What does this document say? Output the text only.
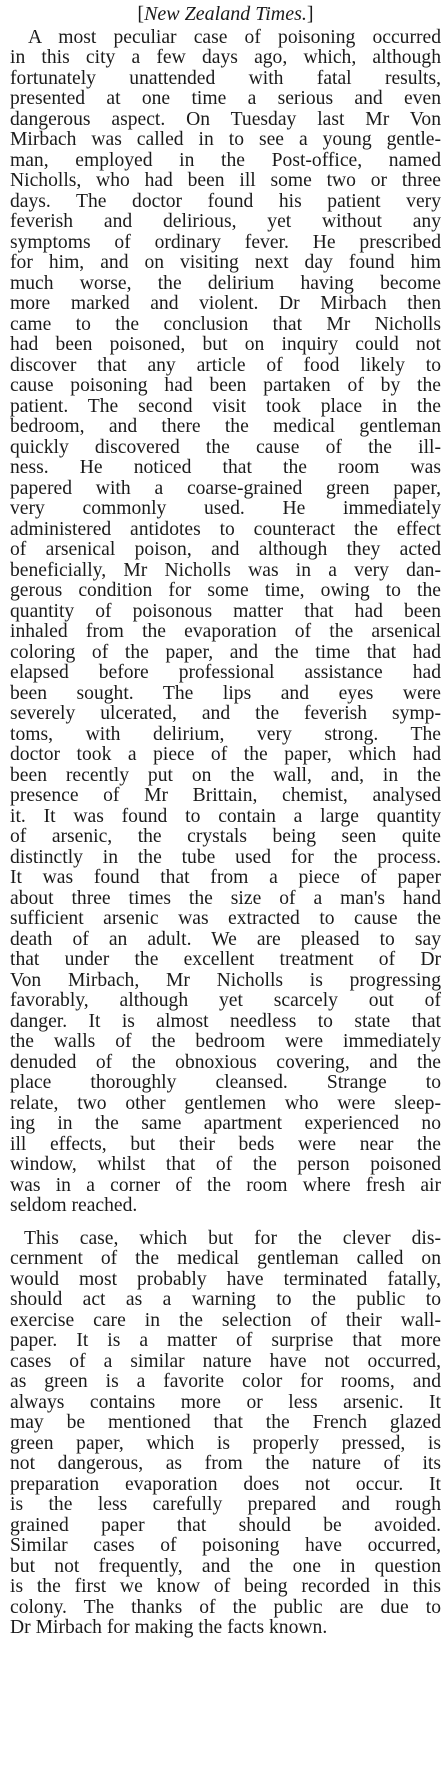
[New Zealand Times.]
A most peculiar case of poisoning occurred
in this city a few days ago, which, although
fortunately unattended with fatal results,
presented at one time a serious and even
dangerous aspect. On Tuesday last Mr Von
Mirbach was called in to see a young gentle-
man, employed in the Post-office, named
Nicholls, who had been ill some two or three
days. The doctor found his patient very
feverish and delirious, yet without any
symptoms of ordinary fever. He prescribed
for him, and on visiting next day found him
much worse, the delirium having become
more marked and violent. Dr Mirbach then
came to the conclusion that Mr Nicholls
had been poisoned, but on inquiry could not
discover that any article of food likely to
cause poisoning had been partaken of by the
patient. The second visit took place in the
bedroom, and there the medical gentleman
quickly discovered the cause of the ill-
ness. He noticed that the room was
papered with a coarse-grained green paper,
very commonly used. He immediately
administered antidotes to counteract the effect
of arsenical poison, and although they acted
beneficially, Mr Nicholls was in a very dan-
gerous condition for some time, owing to the
quantity of poisonous matter that had been
inhaled from the evaporation of the arsenical
coloring of the paper, and the time that had
elapsed before professional assistance had
been sought. The lips and eyes were
severely ulcerated, and the feverish symp-
toms, with delirium, very strong. The
doctor took a piece of the paper, which had
been recently put on the wall, and, in the
presence of Mr Brittain, chemist, analysed
it. It was found to contain a large quantity
of arsenic, the crystals being seen quite
distinctly in the tube used for the process.
It was found that from a piece of paper
about three times the size of a man's hand
sufficient arsenic was extracted to cause the
death of an adult. We are pleased to say
that under the excellent treatment of Dr
Von Mirbach, Mr Nicholls is progressing
favorably, although yet scarcely out of
danger. It is almost needless to state that
the walls of the bedroom were immediately
denuded of the obnoxious covering, and the
place thoroughly cleansed. Strange to
relate, two other gentlemen who were sleep-
ing in the same apartment experienced no
ill effects, but their beds were near the
window, whilst that of the person poisoned
was in a corner of the room where fresh air
seldom reached.
This case, which but for the clever dis-
cernment of the medical gentleman called on
would most probably have terminated fatally,
should act as a warning to the public to
exercise care in the selection of their wall-
paper. It is a matter of surprise that more
cases of a similar nature have not occurred,
as green is a favorite color for rooms, and
always contains more or less arsenic. It
may be mentioned that the French glazed
green paper, which is properly pressed, is
not dangerous, as from the nature of its
preparation evaporation does not occur. It
is the less carefully prepared and rough
grained paper that should be avoided.
Similar cases of poisoning have occurred,
but not frequently, and the one in question
is the first we know of being recorded in this
colony. The thanks of the public are due to
Dr Mirbach for making the facts known.
